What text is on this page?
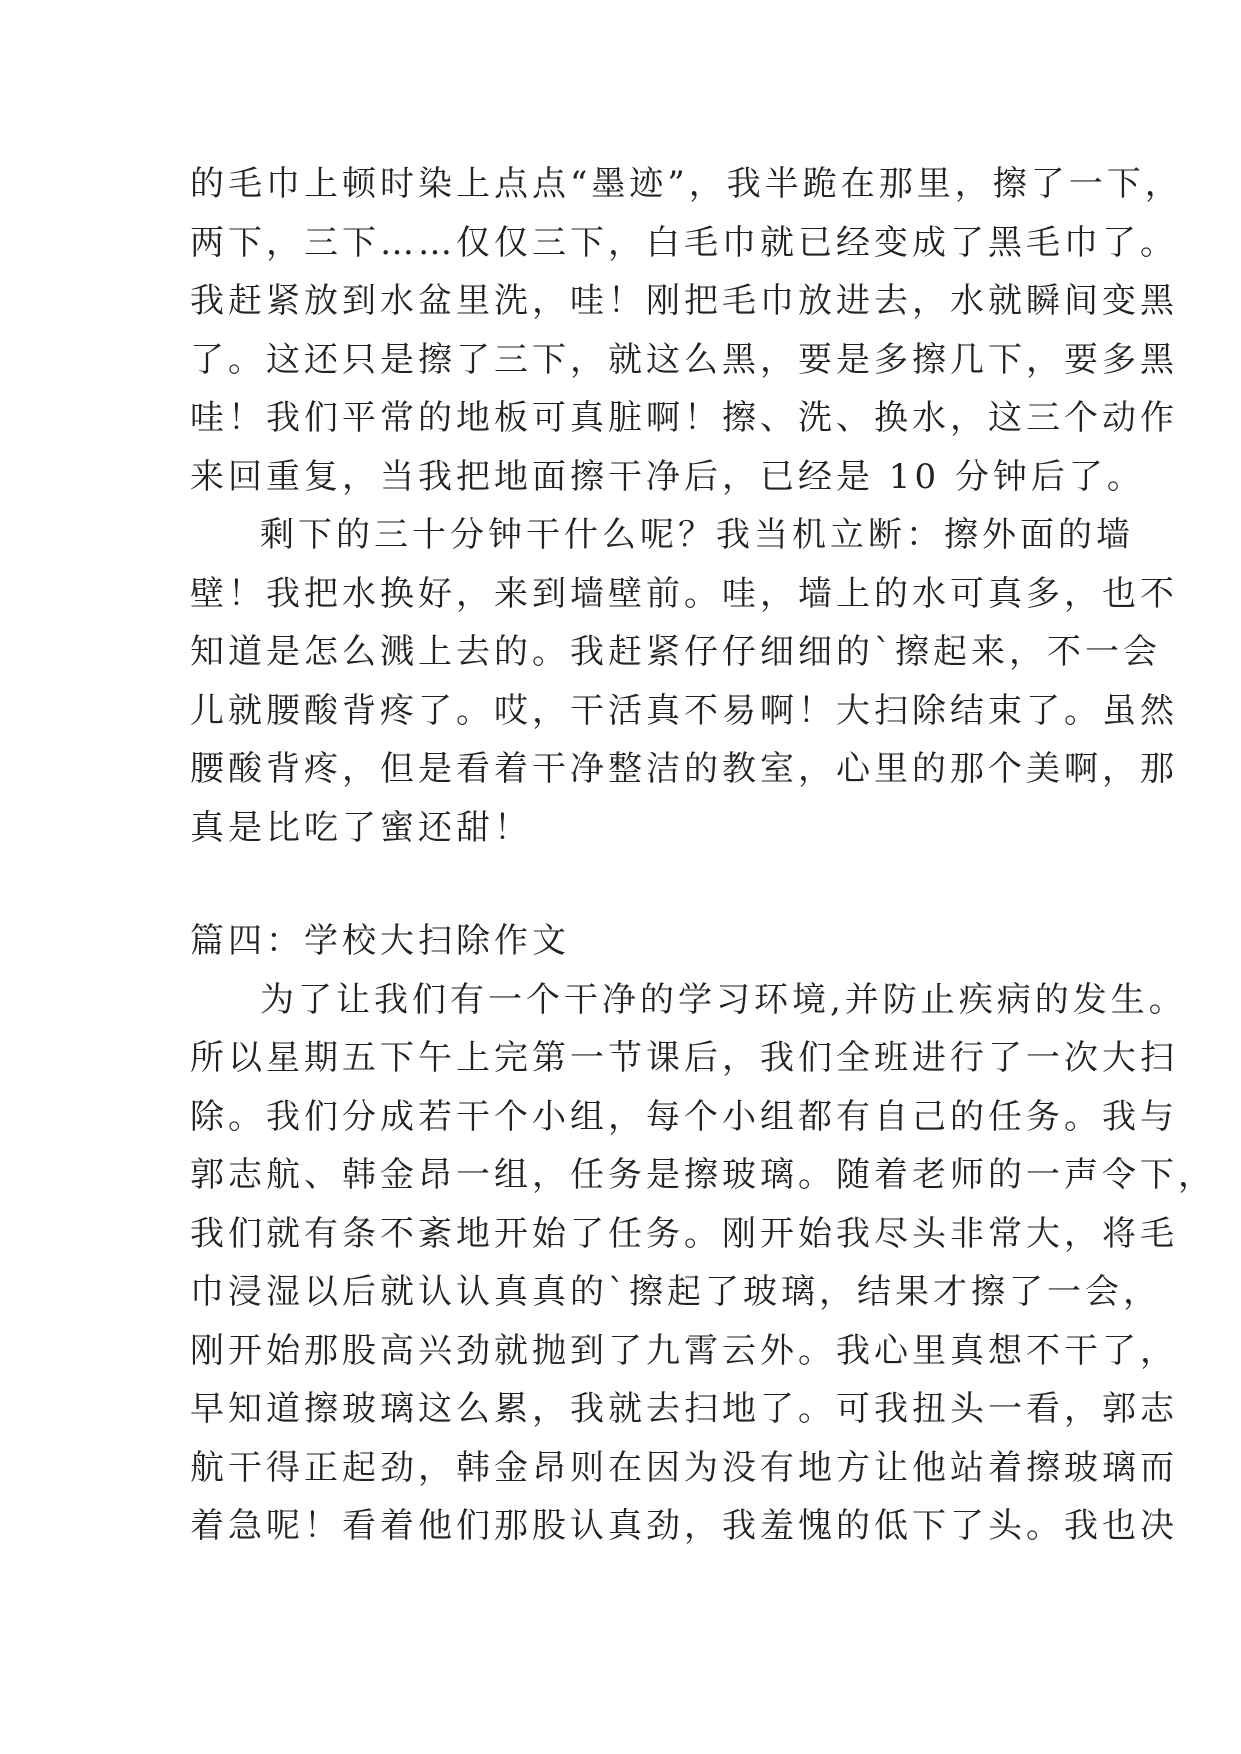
的毛巾上顿时染上点点“墨迹”，我半跪在那里，擦了一下，
两下，三下……仅仅三下，白毛巾就已经变成了黑毛巾了。
我赶紧放到水盆里洗，哇！刚把毛巾放进去，水就瞬间变黑
了。这还只是擦了三下，就这么黑，要是多擦几下，要多黑
哇！我们平常的地板可真脏啊！擦、洗、换水，这三个动作
来回重复，当我把地面擦干净后，已经是 10 分钟后了。
剩下的三十分钟干什么呢？我当机立断：擦外面的墙
壁！我把水换好，来到墙壁前。哇，墙上的水可真多，也不
知道是怎么溅上去的。我赶紧仔仔细细的`擦起来，不一会
儿就腰酸背疼了。哎，干活真不易啊！大扫除结束了。虽然
腰酸背疼，但是看着干净整洁的教室，心里的那个美啊，那
真是比吃了蜜还甜！
篇四：学校大扫除作文
为了让我们有一个干净的学习环境,并防止疾病的发生。
所以星期五下午上完第一节课后，我们全班进行了一次大扫
除。我们分成若干个小组，每个小组都有自己的任务。我与
郭志航、韩金昂一组，任务是擦玻璃。随着老师的一声令下，
我们就有条不紊地开始了任务。刚开始我尽头非常大，将毛
巾浸湿以后就认认真真的`擦起了玻璃，结果才擦了一会，
刚开始那股高兴劲就抛到了九霄云外。我心里真想不干了，
早知道擦玻璃这么累，我就去扫地了。可我扭头一看，郭志
航干得正起劲，韩金昂则在因为没有地方让他站着擦玻璃而
着急呢！看着他们那股认真劲，我羞愧的低下了头。我也决
